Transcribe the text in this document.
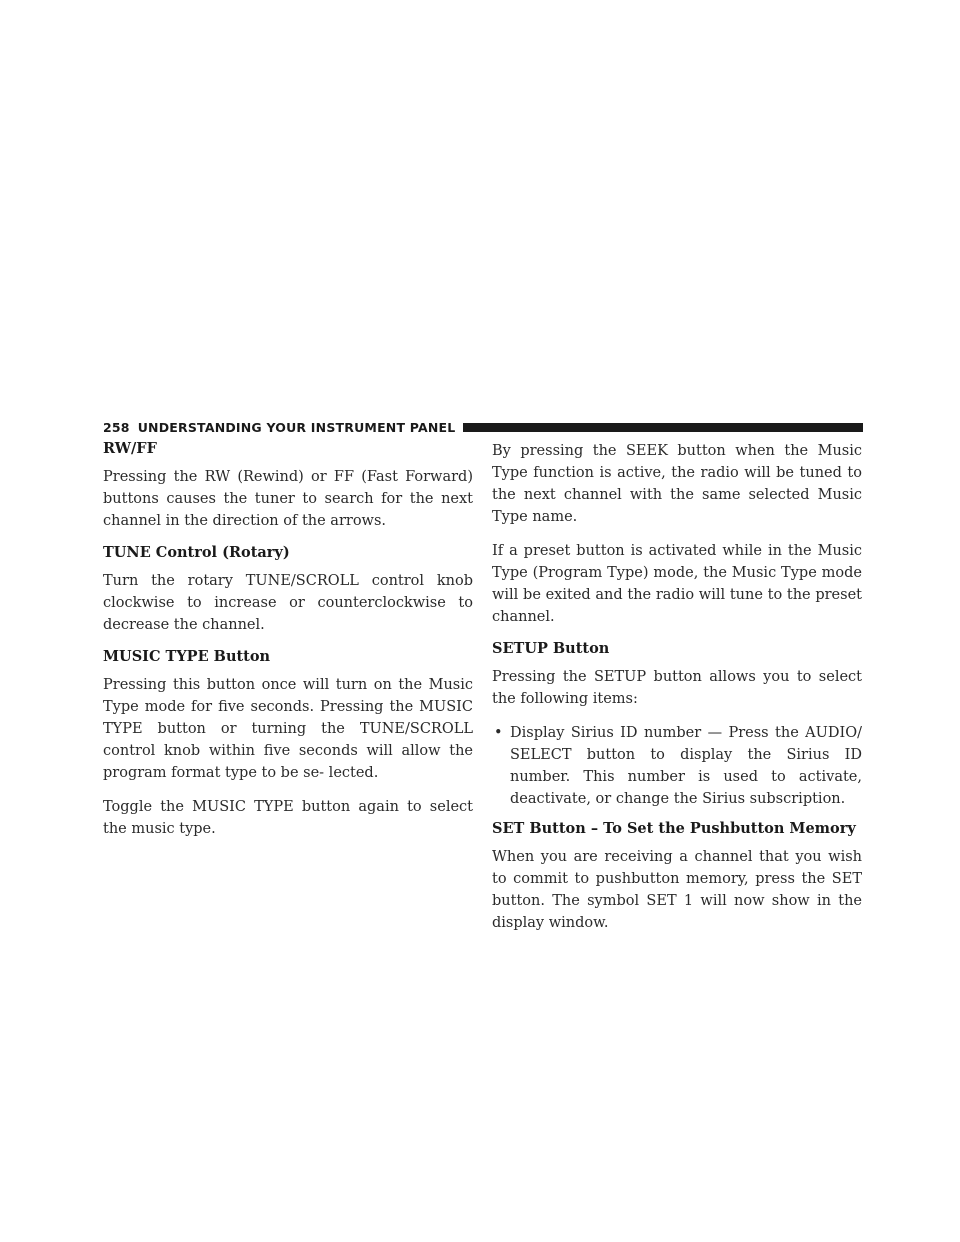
258 UNDERSTANDING YOUR INSTRUMENT PANEL
RW/FF

Pressing the RW (Rewind) or FF (Fast Forward) buttons causes the tuner to search for the next channel in the direction of the arrows.

TUNE Control (Rotary)

Turn the rotary TUNE/SCROLL control knob clockwise to increase or counterclockwise to decrease the channel.

MUSIC TYPE Button

Pressing this button once will turn on the Music Type mode for five seconds. Pressing the MUSIC TYPE button or turning the TUNE/SCROLL control knob within five seconds will allow the program format type to be se- lected.

Toggle the MUSIC TYPE button again to select the music type.

By pressing the SEEK button when the Music Type function is active, the radio will be tuned to the next channel with the same selected Music Type name.

If a preset button is activated while in the Music Type (Program Type) mode, the Music Type mode will be exited and the radio will tune to the preset channel.

SETUP Button

Pressing the SETUP button allows you to select the following items:

• Display Sirius ID number — Press the AUDIO/ SELECT button to display the Sirius ID number. This number is used to activate, deactivate, or change the Sirius subscription.
SET Button – To Set the Pushbutton Memory

When you are receiving a channel that you wish to commit to pushbutton memory, press the SET button. The symbol SET 1 will now show in the display window.
